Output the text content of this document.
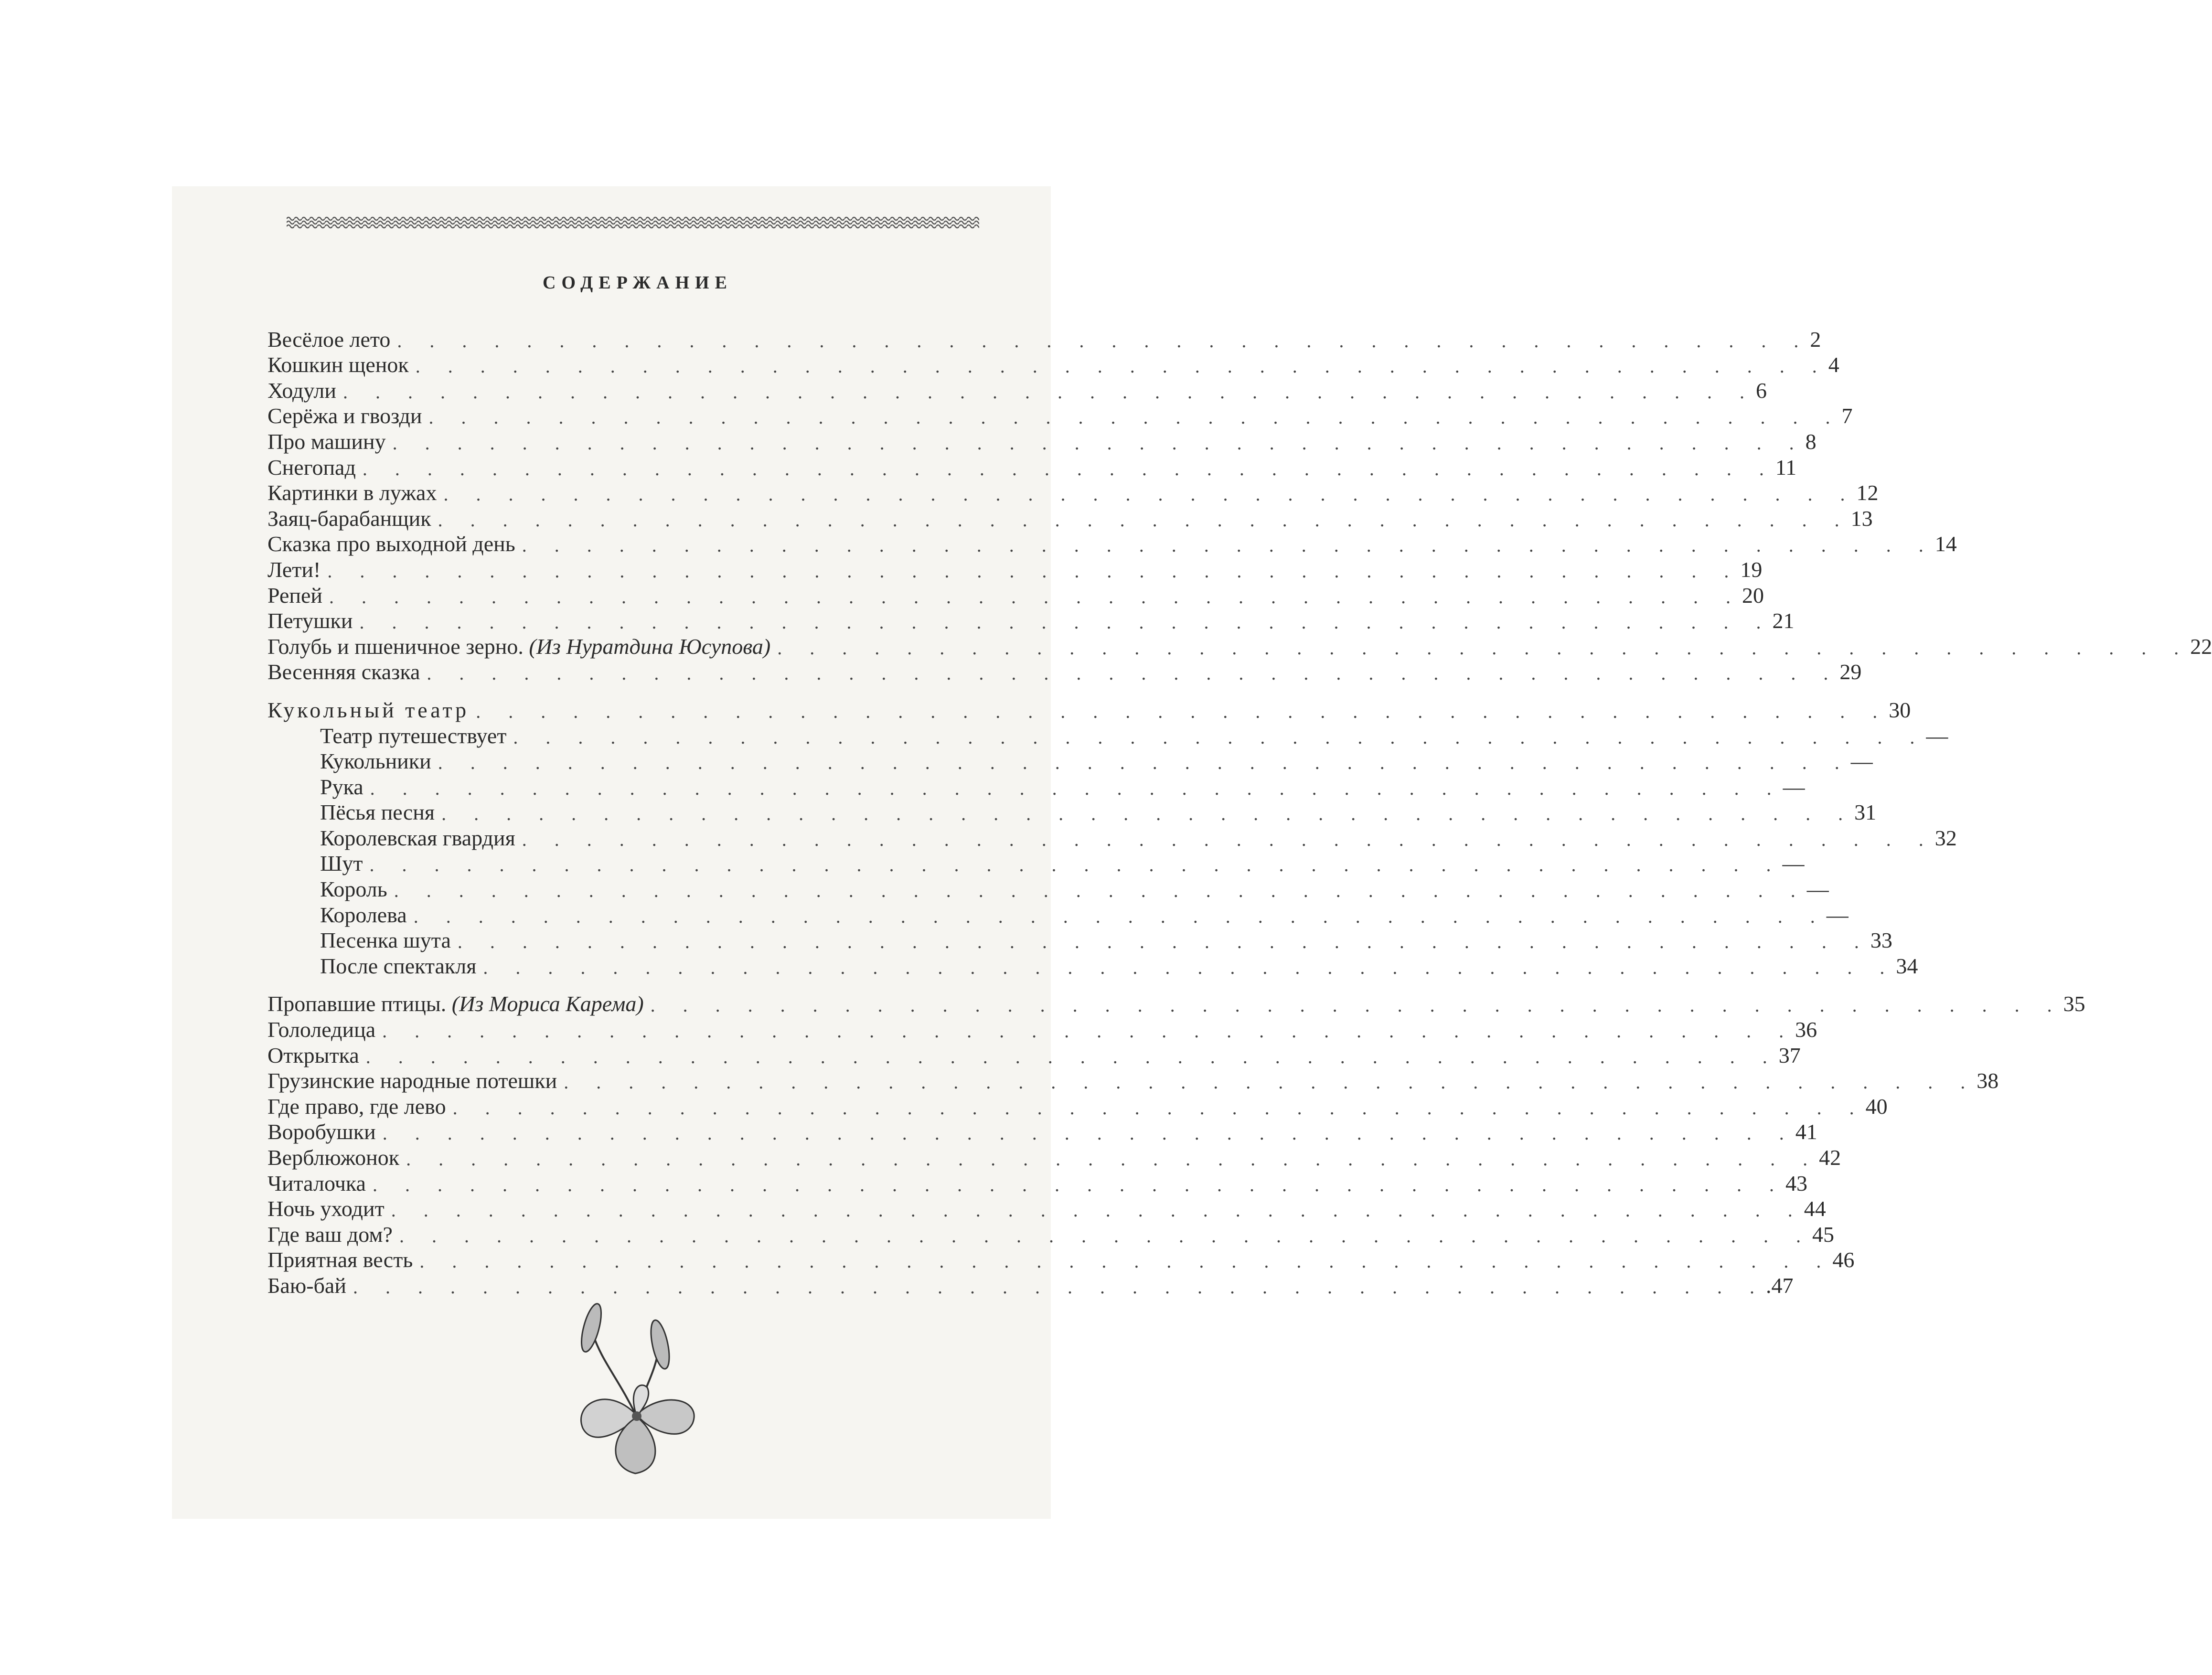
СОДЕРЖАНИЕ
Весёлое лето . . . . . . . . . . . . . . . . . . . . . . . . . . . . . . . . . . . . . . . . . . . . 2
Кошкин щенок . . . . . . . . . . . . . . . . . . . . . . . . . . . . . . . . . . . . . . . . . . . . 4
Ходули . . . . . . . . . . . . . . . . . . . . . . . . . . . . . . . . . . . . . . . . . . . . 6
Серёжа и гвозди . . . . . . . . . . . . . . . . . . . . . . . . . . . . . . . . . . . . . . . . . . . . 7
Про машину . . . . . . . . . . . . . . . . . . . . . . . . . . . . . . . . . . . . . . . . . . . . 8
Снегопад . . . . . . . . . . . . . . . . . . . . . . . . . . . . . . . . . . . . . . . . . . . . 11
Картинки в лужах . . . . . . . . . . . . . . . . . . . . . . . . . . . . . . . . . . . . . . . . . . . . 12
Заяц-барабанщик . . . . . . . . . . . . . . . . . . . . . . . . . . . . . . . . . . . . . . . . . . . . 13
Сказка про выходной день . . . . . . . . . . . . . . . . . . . . . . . . . . . . . . . . . . . . . . . . . . . . 14
Лети! . . . . . . . . . . . . . . . . . . . . . . . . . . . . . . . . . . . . . . . . . . . . 19
Репей . . . . . . . . . . . . . . . . . . . . . . . . . . . . . . . . . . . . . . . . . . . . 20
Петушки . . . . . . . . . . . . . . . . . . . . . . . . . . . . . . . . . . . . . . . . . . . . 21
Голубь и пшеничное зерно. (Из Нуратдина Юсупова) . . . . . . . . . . . . . . . . . . . . . . . . . . . . . . . . . . . . . . . . . . . . 22
Весенняя сказка . . . . . . . . . . . . . . . . . . . . . . . . . . . . . . . . . . . . . . . . . . . . 29
Кукольный театр . . . . . . . . . . . . . . . . . . . . . . . . . . . . . . . . . . . . . . . . . . . . 30
Театр путешествует . . . . . . . . . . . . . . . . . . . . . . . . . . . . . . . . . . . . . . . . . . . . —
Кукольники . . . . . . . . . . . . . . . . . . . . . . . . . . . . . . . . . . . . . . . . . . . . —
Рука . . . . . . . . . . . . . . . . . . . . . . . . . . . . . . . . . . . . . . . . . . . . —
Пёсья песня . . . . . . . . . . . . . . . . . . . . . . . . . . . . . . . . . . . . . . . . . . . . 31
Королевская гвардия . . . . . . . . . . . . . . . . . . . . . . . . . . . . . . . . . . . . . . . . . . . . 32
Шут . . . . . . . . . . . . . . . . . . . . . . . . . . . . . . . . . . . . . . . . . . . . —
Король . . . . . . . . . . . . . . . . . . . . . . . . . . . . . . . . . . . . . . . . . . . . —
Королева . . . . . . . . . . . . . . . . . . . . . . . . . . . . . . . . . . . . . . . . . . . . —
Песенка шута . . . . . . . . . . . . . . . . . . . . . . . . . . . . . . . . . . . . . . . . . . . . 33
После спектакля . . . . . . . . . . . . . . . . . . . . . . . . . . . . . . . . . . . . . . . . . . . . 34
Пропавшие птицы. (Из Мориса Карема) . . . . . . . . . . . . . . . . . . . . . . . . . . . . . . . . . . . . . . . . . . . . 35
Гололедица . . . . . . . . . . . . . . . . . . . . . . . . . . . . . . . . . . . . . . . . . . . . 36
Открытка . . . . . . . . . . . . . . . . . . . . . . . . . . . . . . . . . . . . . . . . . . . . 37
Грузинские народные потешки . . . . . . . . . . . . . . . . . . . . . . . . . . . . . . . . . . . . . . . . . . . . 38
Где право, где лево . . . . . . . . . . . . . . . . . . . . . . . . . . . . . . . . . . . . . . . . . . . . 40
Воробушки . . . . . . . . . . . . . . . . . . . . . . . . . . . . . . . . . . . . . . . . . . . . 41
Верблюжонок . . . . . . . . . . . . . . . . . . . . . . . . . . . . . . . . . . . . . . . . . . . . 42
Читалочка . . . . . . . . . . . . . . . . . . . . . . . . . . . . . . . . . . . . . . . . . . . . 43
Ночь уходит . . . . . . . . . . . . . . . . . . . . . . . . . . . . . . . . . . . . . . . . . . . . 44
Где ваш дом? . . . . . . . . . . . . . . . . . . . . . . . . . . . . . . . . . . . . . . . . . . . . 45
Приятная весть . . . . . . . . . . . . . . . . . . . . . . . . . . . . . . . . . . . . . . . . . . . . 46
Баю-бай . . . . . . . . . . . . . . . . . . . . . . . . . . . . . . . . . . . . . . . . . . . . .47
